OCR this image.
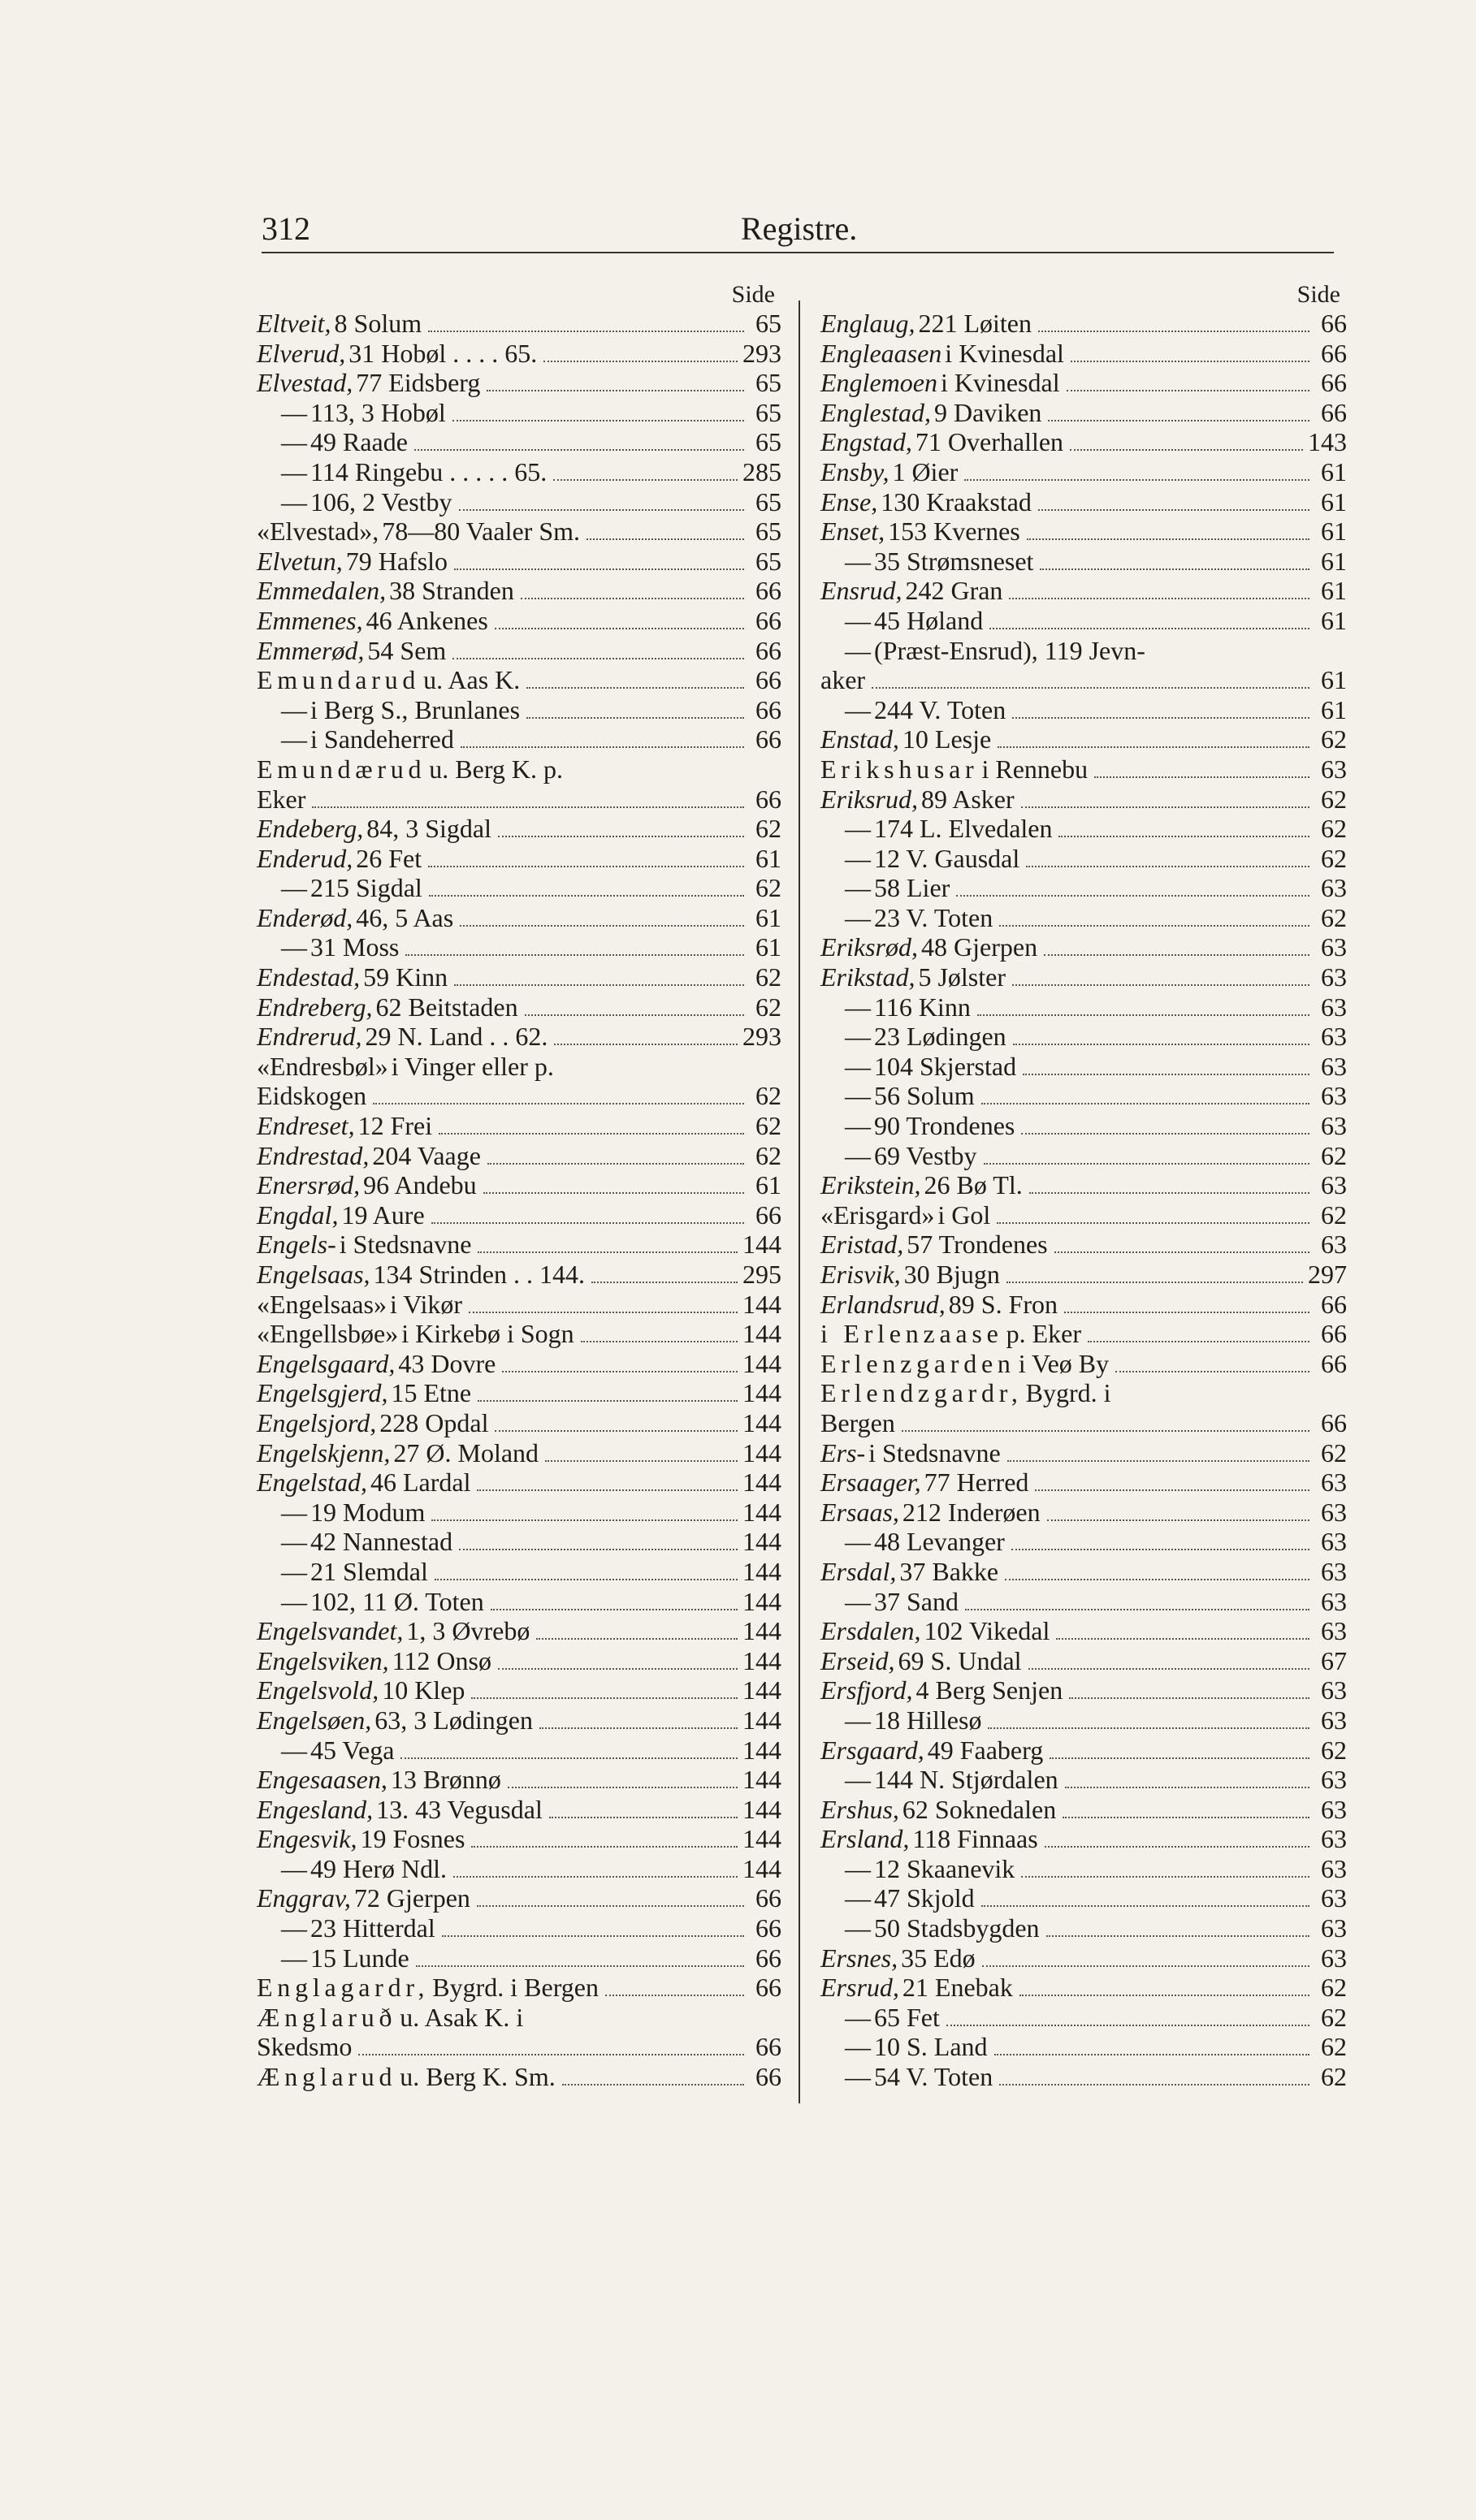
312	Registre.
Side
Eltveit, 8 Solum	65
Elverud, 31 Hobøl . . . . 65.	293
Elvestad, 77 Eidsberg	65
— 113, 3 Hobøl	65
— 49 Raade	65
— 114 Ringebu . . . . . 65.	285
— 106, 2 Vestby	65
«Elvestad», 78—80 Vaaler Sm.	65
Elvetun, 79 Hafslo	65
Emmedalen, 38 Stranden	66
Emmenes, 46 Ankenes	66
Emmerød, 54 Sem	66
Emundarud u. Aas K.	66
— i Berg S., Brunlanes	66
— i Sandeherred	66
Emundærud u. Berg K. p.
Eker	66
Endeberg, 84, 3 Sigdal	62
Enderud, 26 Fet	61
— 215 Sigdal	62
Enderød, 46, 5 Aas	61
— 31 Moss	61
Endestad, 59 Kinn	62
Endreberg, 62 Beitstaden	62
Endrerud, 29 N. Land . . 62.	293
«Endresbøl» i Vinger eller p.
Eidskogen	62
Endreset, 12 Frei	62
Endrestad, 204 Vaage	62
Enersrød, 96 Andebu	61
Engdal, 19 Aure	66
Engels- i Stedsnavne	144
Engelsaas, 134 Strinden . . 144.	295
«Engelsaas» i Vikør	144
«Engellsbøe» i Kirkebø i Sogn	144
Engelsgaard, 43 Dovre	144
Engelsgjerd, 15 Etne	144
Engelsjord, 228 Opdal	144
Engelskjenn, 27 Ø. Moland	144
Engelstad, 46 Lardal	144
— 19 Modum	144
— 42 Nannestad	144
— 21 Slemdal	144
— 102, 11 Ø. Toten	144
Engelsvandet, 1, 3 Øvrebø	144
Engelsviken, 112 Onsø	144
Engelsvold, 10 Klep	144
Engelsøen, 63, 3 Lødingen	144
— 45 Vega	144
Engesaasen, 13 Brønnø	144
Engesland, 13. 43 Vegusdal	144
Engesvik, 19 Fosnes	144
— 49 Herø Ndl.	144
Enggrav, 72 Gjerpen	66
— 23 Hitterdal	66
— 15 Lunde	66
Englagardr, Bygrd. i Bergen	66
Ænglaruð u. Asak K. i
Skedsmo	66
Ænglarud u. Berg K. Sm.	66
Side
Englaug, 221 Løiten	66
Engleaasen i Kvinesdal	66
Englemoen i Kvinesdal	66
Englestad, 9 Daviken	66
Engstad, 71 Overhallen	143
Ensby, 1 Øier	61
Ense, 130 Kraakstad	61
Enset, 153 Kvernes	61
— 35 Strømsneset	61
Ensrud, 242 Gran	61
— 45 Høland	61
— (Præst-Ensrud), 119 Jevn-
aker	61
— 244 V. Toten	61
Enstad, 10 Lesje	62
Erikshusar i Rennebu	63
Eriksrud, 89 Asker	62
— 174 L. Elvedalen	62
— 12 V. Gausdal	62
— 58 Lier	63
— 23 V. Toten	62
Eriksrød, 48 Gjerpen	63
Erikstad, 5 Jølster	63
— 116 Kinn	63
— 23 Lødingen	63
— 104 Skjerstad	63
— 56 Solum	63
— 90 Trondenes	63
— 69 Vestby	62
Erikstein, 26 Bø Tl.	63
«Erisgard» i Gol	62
Eristad, 57 Trondenes	63
Erisvik, 30 Bjugn	297
Erlandsrud, 89 S. Fron	66
i Erlenzaase p. Eker	66
Erlenzgarden i Veø By	66
Erlendzgardr, Bygrd. i
Bergen	66
Ers- i Stedsnavne	62
Ersaager, 77 Herred	63
Ersaas, 212 Inderøen	63
— 48 Levanger	63
Ersdal, 37 Bakke	63
— 37 Sand	63
Ersdalen, 102 Vikedal	63
Erseid, 69 S. Undal	67
Ersfjord, 4 Berg Senjen	63
— 18 Hillesø	63
Ersgaard, 49 Faaberg	62
— 144 N. Stjørdalen	63
Ershus, 62 Soknedalen	63
Ersland, 118 Finnaas	63
— 12 Skaanevik	63
— 47 Skjold	63
— 50 Stadsbygden	63
Ersnes, 35 Edø	63
Ersrud, 21 Enebak	62
— 65 Fet	62
— 10 S. Land	62
— 54 V. Toten	62
